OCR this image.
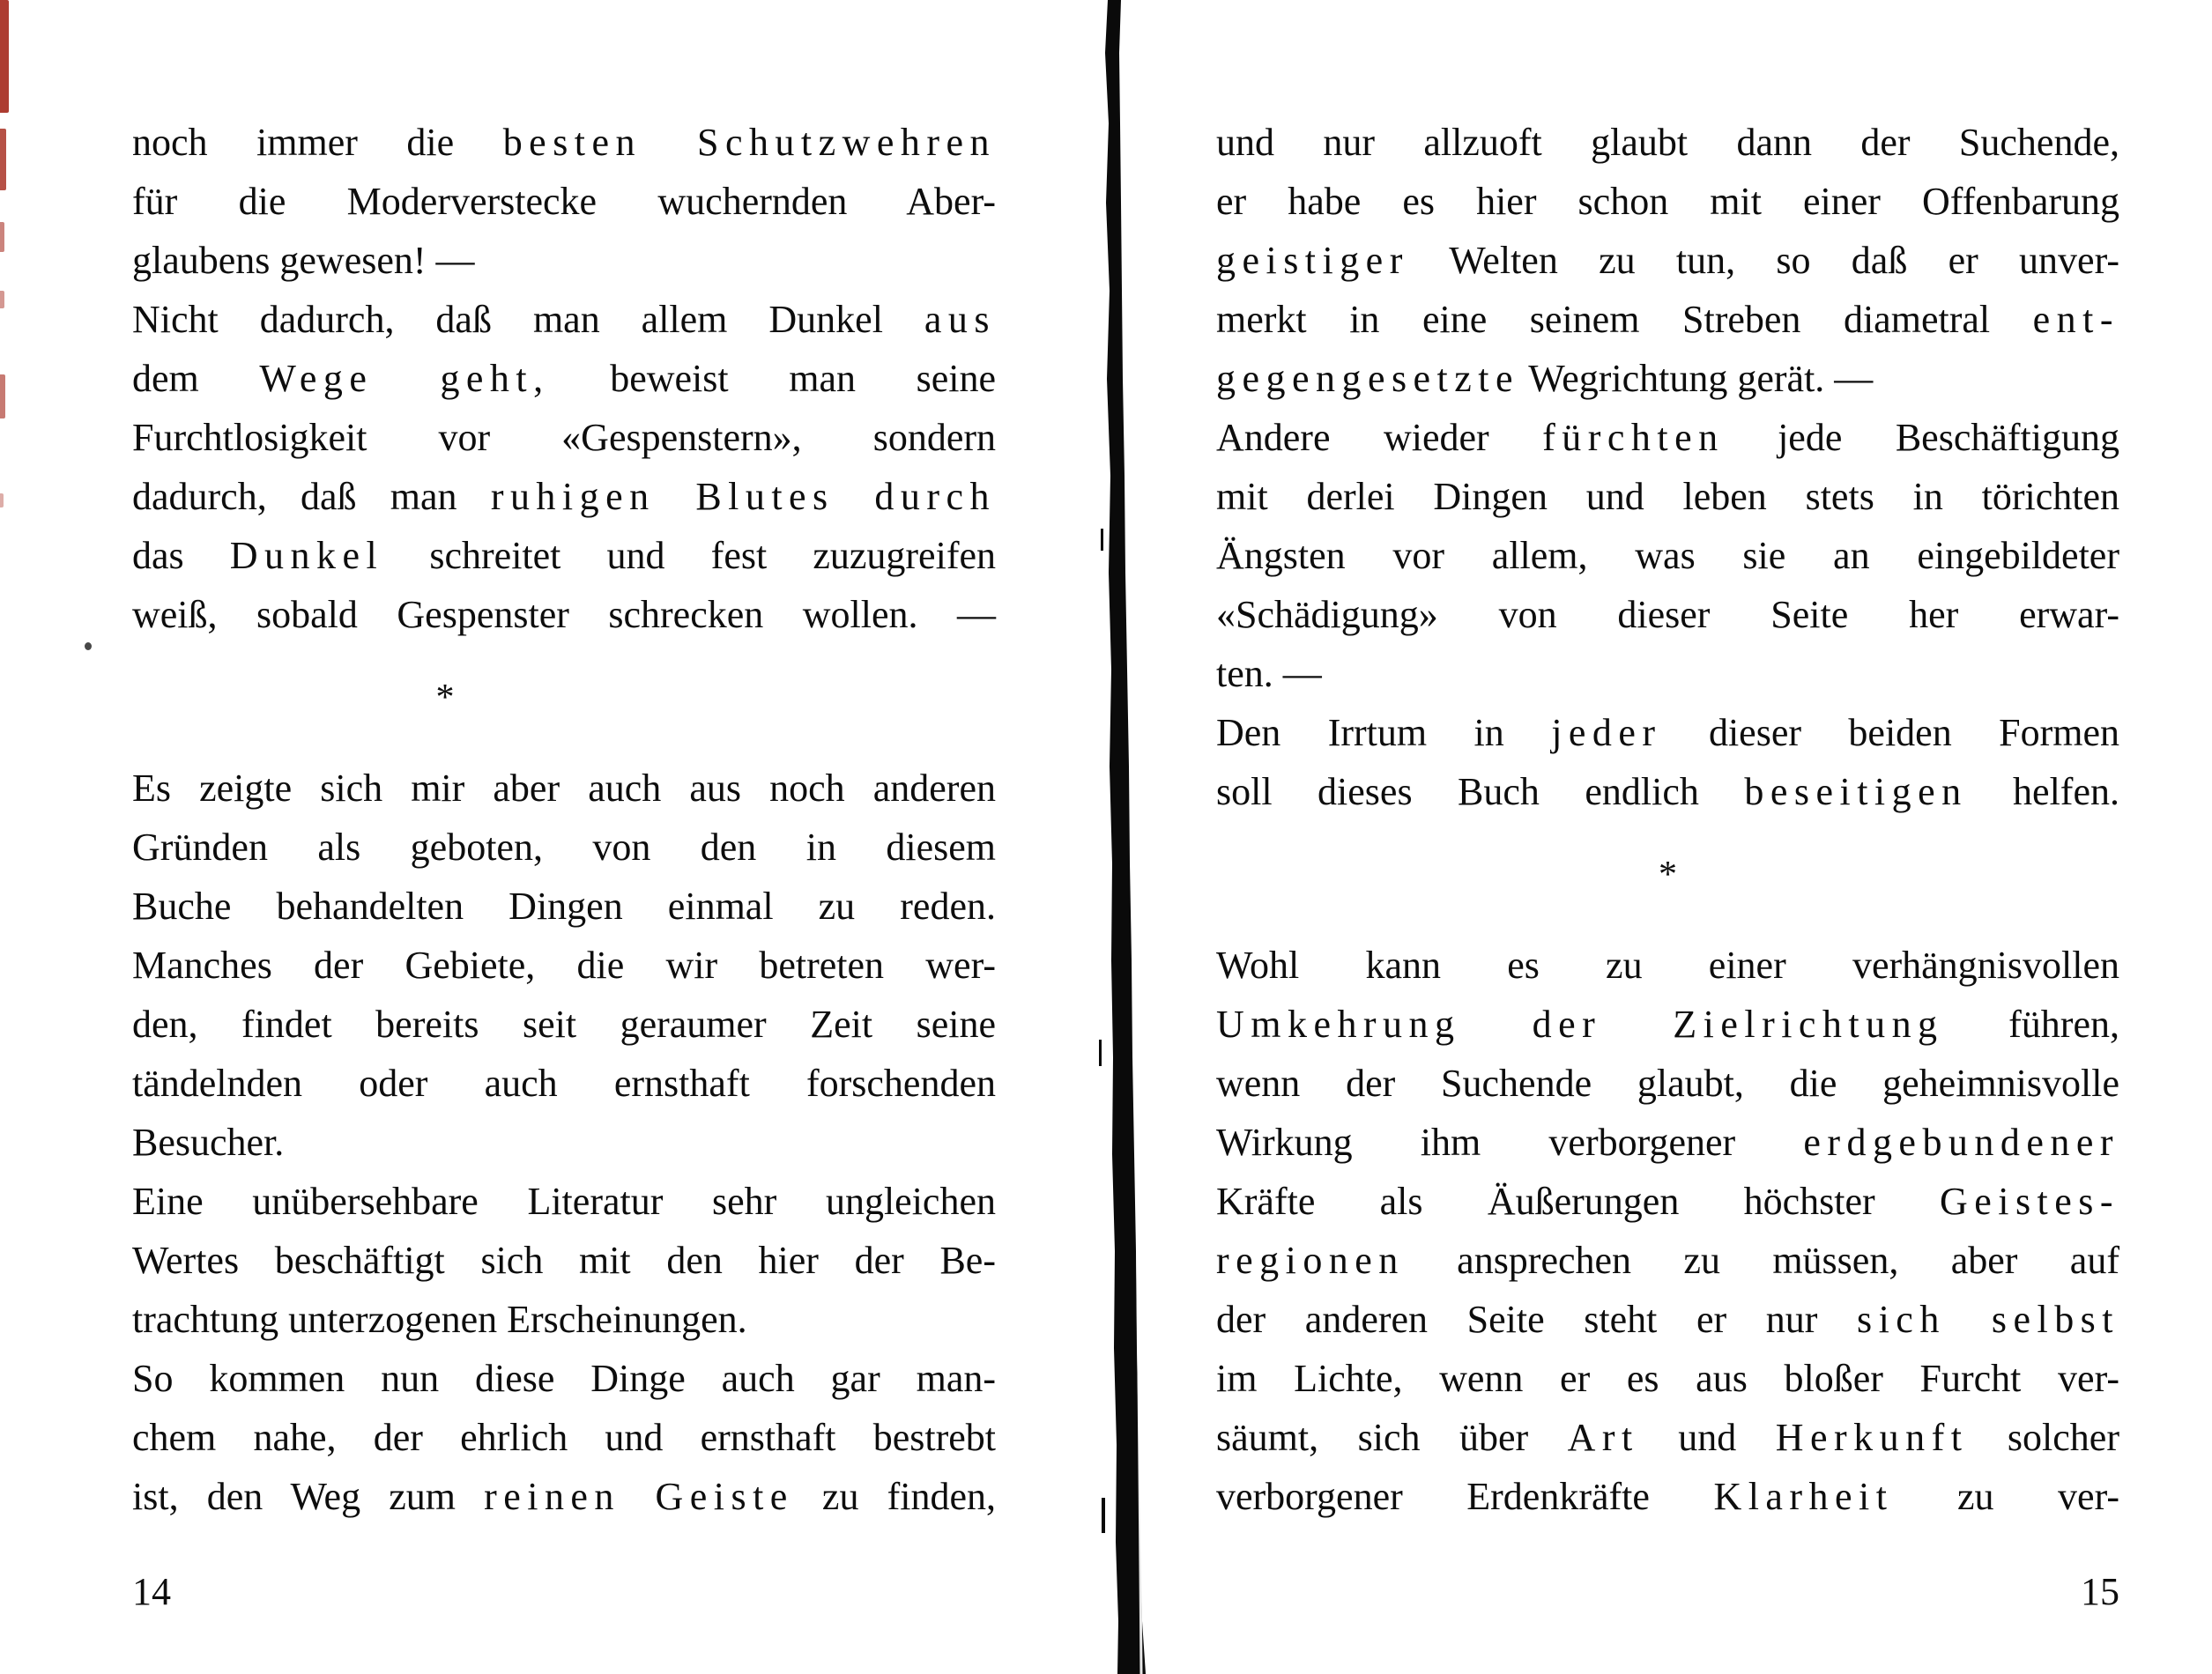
noch immer die besten Schutzwehren
für die Moderverstecke wuchernden Aber-
glaubens gewesen! —
Nicht dadurch, daß man allem Dunkel aus
dem Wege geht, beweist man seine
Furchtlosigkeit vor «Gespenstern», sondern
dadurch, daß man ruhigen Blutes durch
das Dunkel schreitet und fest zuzugreifen
weiß, sobald Gespenster schrecken wollen. —
*
Es zeigte sich mir aber auch aus noch anderen
Gründen als geboten, von den in diesem
Buche behandelten Dingen einmal zu reden.
Manches der Gebiete, die wir betreten wer-
den, findet bereits seit geraumer Zeit seine
tändelnden oder auch ernsthaft forschenden
Besucher.
Eine unübersehbare Literatur sehr ungleichen
Wertes beschäftigt sich mit den hier der Be-
trachtung unterzogenen Erscheinungen.
So kommen nun diese Dinge auch gar man-
chem nahe, der ehrlich und ernsthaft bestrebt
ist, den Weg zum reinen Geiste zu finden,
und nur allzuoft glaubt dann der Suchende,
er habe es hier schon mit einer Offenbarung
geistiger Welten zu tun, so daß er unver-
merkt in eine seinem Streben diametral ent-
gegengesetzte Wegrichtung gerät. —
Andere wieder fürchten jede Beschäftigung
mit derlei Dingen und leben stets in törichten
Ängsten vor allem, was sie an eingebildeter
«Schädigung» von dieser Seite her erwar-
ten. —
Den Irrtum in jeder dieser beiden Formen
soll dieses Buch endlich beseitigen helfen.
*
Wohl kann es zu einer verhängnisvollen
Umkehrung der Zielrichtung führen,
wenn der Suchende glaubt, die geheimnisvolle
Wirkung ihm verborgener erdgebundener
Kräfte als Äußerungen höchster Geistes-
regionen ansprechen zu müssen, aber auf
der anderen Seite steht er nur sich selbst
im Lichte, wenn er es aus bloßer Furcht ver-
säumt, sich über Art und Herkunft solcher
verborgener Erdenkräfte Klarheit zu ver-
14	15
